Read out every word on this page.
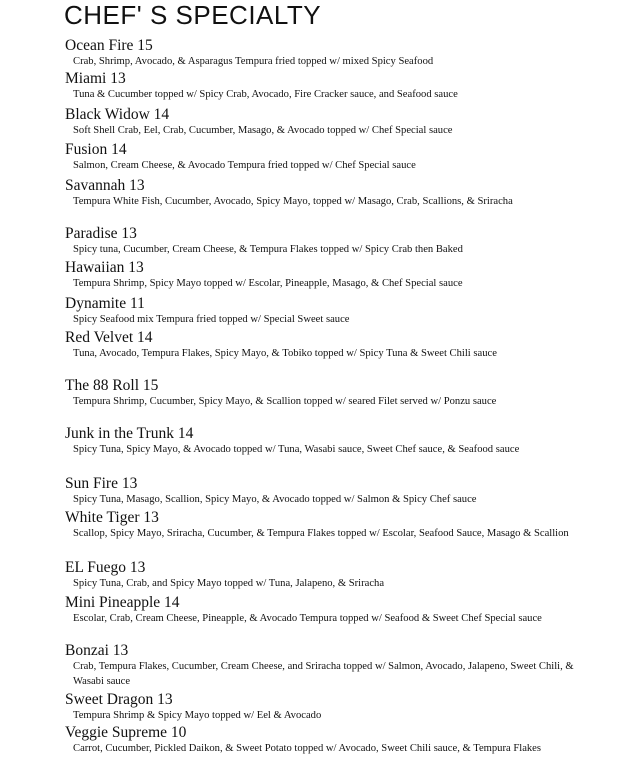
CHEF' S SPECIALTY
Ocean Fire 15
Crab, Shrimp, Avocado, & Asparagus Tempura fried topped w/ mixed Spicy Seafood
Miami 13
Tuna & Cucumber topped w/ Spicy Crab, Avocado, Fire Cracker sauce, and Seafood sauce
Black Widow 14
Soft Shell Crab, Eel, Crab, Cucumber, Masago, & Avocado topped w/ Chef Special sauce
Fusion 14
Salmon, Cream Cheese, & Avocado Tempura fried topped w/ Chef Special sauce
Savannah 13
Tempura White Fish, Cucumber, Avocado, Spicy Mayo, topped w/ Masago, Crab, Scallions, & Sriracha
Paradise 13
Spicy tuna, Cucumber, Cream Cheese, & Tempura Flakes topped w/ Spicy Crab then Baked
Hawaiian 13
Tempura Shrimp, Spicy Mayo topped w/ Escolar, Pineapple, Masago, & Chef Special sauce
Dynamite 11
Spicy Seafood mix Tempura fried topped w/ Special Sweet sauce
Red Velvet 14
Tuna, Avocado, Tempura Flakes, Spicy Mayo, & Tobiko topped w/ Spicy Tuna & Sweet Chili sauce
The 88 Roll 15
Tempura Shrimp, Cucumber, Spicy Mayo, & Scallion topped w/ seared Filet served w/ Ponzu sauce
Junk in the Trunk 14
Spicy Tuna, Spicy Mayo, & Avocado topped w/ Tuna, Wasabi sauce, Sweet Chef sauce, & Seafood sauce
Sun Fire 13
Spicy Tuna, Masago, Scallion, Spicy Mayo, & Avocado topped w/ Salmon & Spicy Chef sauce
White Tiger 13
Scallop, Spicy Mayo, Sriracha, Cucumber, & Tempura Flakes topped w/ Escolar, Seafood Sauce, Masago & Scallion
EL Fuego 13
Spicy Tuna, Crab, and Spicy Mayo topped w/ Tuna, Jalapeno, & Sriracha
Mini Pineapple 14
Escolar, Crab, Cream Cheese, Pineapple, & Avocado Tempura topped w/ Seafood & Sweet Chef Special sauce
Bonzai 13
Crab, Tempura Flakes, Cucumber, Cream Cheese, and Sriracha topped w/ Salmon, Avocado, Jalapeno, Sweet Chili, & Wasabi sauce
Sweet Dragon 13
Tempura Shrimp & Spicy Mayo topped w/ Eel & Avocado
Veggie Supreme 10
Carrot, Cucumber, Pickled Daikon, & Sweet Potato topped w/ Avocado, Sweet Chili sauce, & Tempura Flakes
